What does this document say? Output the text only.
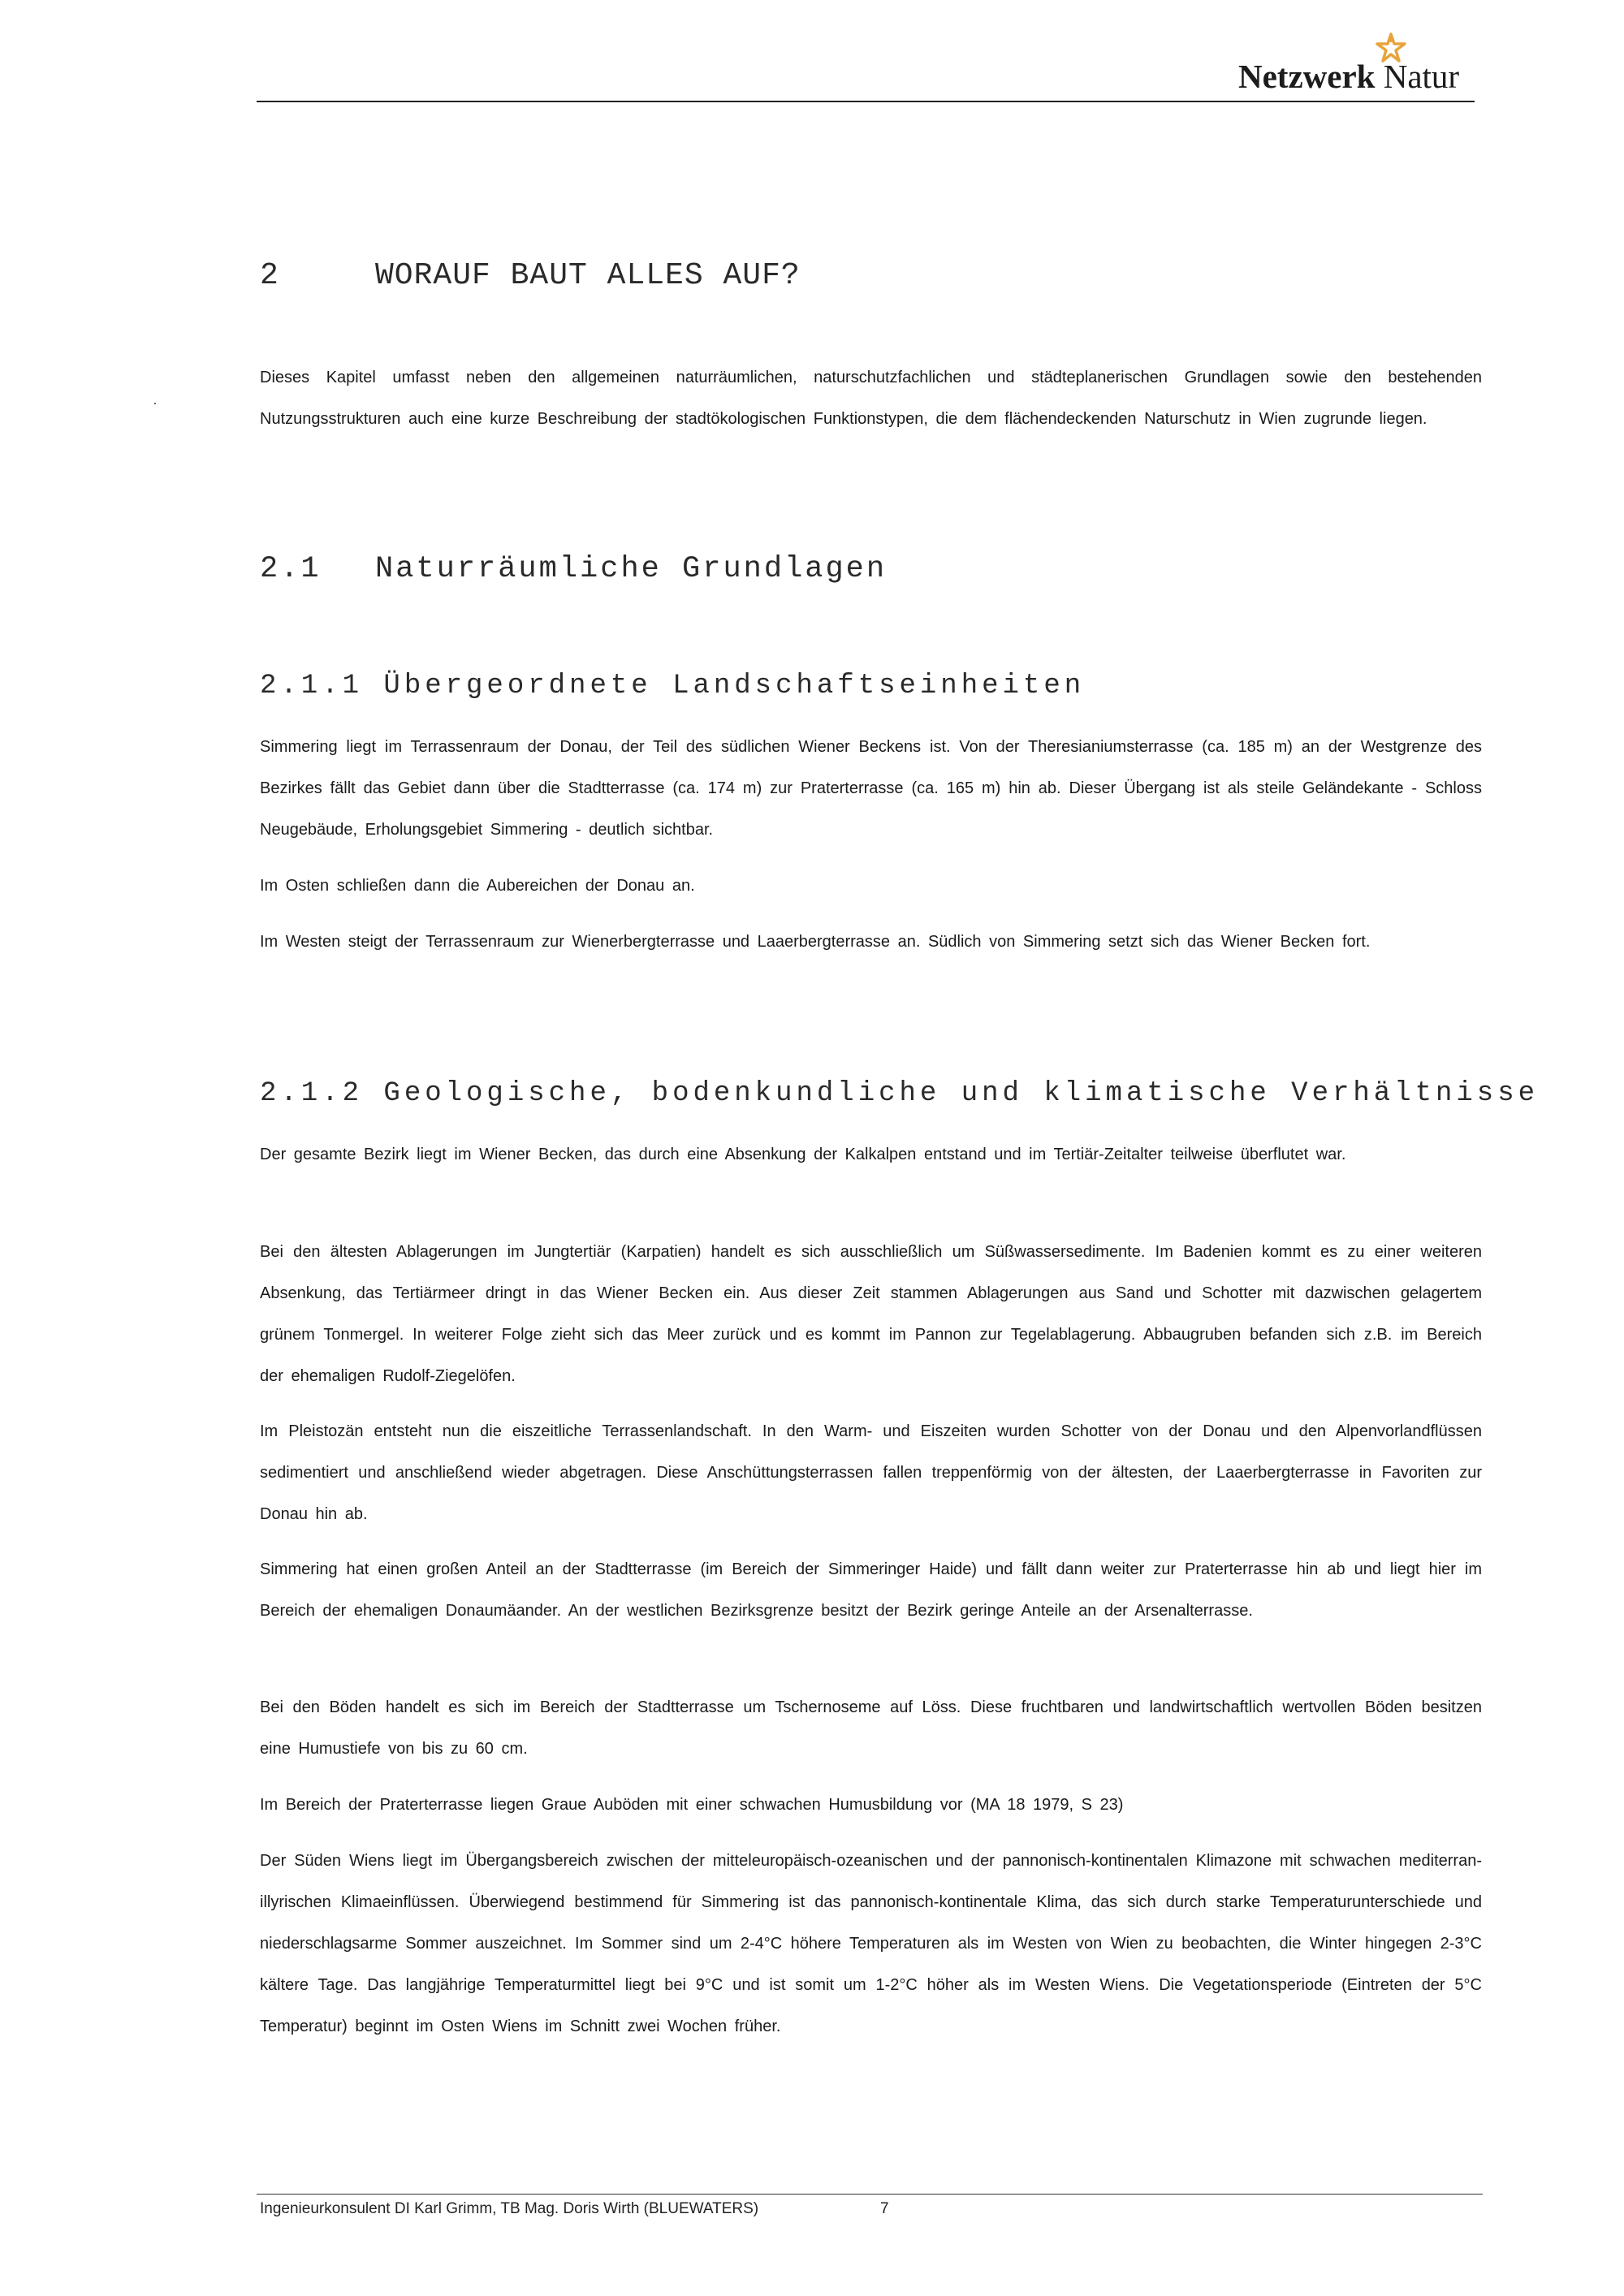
Netzwerk Natur
2	WORAUF BAUT ALLES AUF?

Dieses Kapitel umfasst neben den allgemeinen naturräumlichen, naturschutzfachlichen und städteplanerischen Grundlagen sowie den bestehenden Nutzungsstrukturen auch eine kurze Beschreibung der stadtökologischen Funktionstypen, die dem flächendeckenden Naturschutz in Wien zugrunde liegen.

2.1 Naturräumliche Grundlagen
2.1.1 Übergeordnete Landschaftseinheiten

Simmering liegt im Terrassenraum der Donau, der Teil des südlichen Wiener Beckens ist. Von der Theresianiumsterrasse (ca. 185 m) an der Westgrenze des Bezirkes fällt das Gebiet dann über die Stadtterrasse (ca. 174 m) zur Praterterrasse (ca. 165 m) hin ab. Dieser Übergang ist als steile Geländekante - Schloss Neugebäude, Erholungsgebiet Simmering - deutlich sichtbar.

Im Osten schließen dann die Aubereichen der Donau an.

Im Westen steigt der Terrassenraum zur Wienerbergterrasse und Laaerbergterrasse an. Südlich von Simmering setzt sich das Wiener Becken fort.

2.1.2 Geologische, bodenkundliche und klimatische Verhältnisse

Der gesamte Bezirk liegt im Wiener Becken, das durch eine Absenkung der Kalkalpen entstand und im Tertiär-Zeitalter teilweise überflutet war.

Bei den ältesten Ablagerungen im Jungtertiär (Karpatien) handelt es sich ausschließlich um Süßwassersedimente. Im Badenien kommt es zu einer weiteren Absenkung, das Tertiärmeer dringt in das Wiener Becken ein. Aus dieser Zeit stammen Ablagerungen aus Sand und Schotter mit dazwischen gelagertem grünem Tonmergel. In weiterer Folge zieht sich das Meer zurück und es kommt im Pannon zur Tegelablagerung. Abbaugruben befanden sich z.B. im Bereich der ehemaligen Rudolf-Ziegelöfen.

Im Pleistozän entsteht nun die eiszeitliche Terrassenlandschaft. In den Warm- und Eiszeiten wurden Schotter von der Donau und den Alpenvorlandflüssen sedimentiert und anschließend wieder abgetragen. Diese Anschüttungsterrassen fallen treppenförmig von der ältesten, der Laaerbergterrasse in Favoriten zur Donau hin ab.

Simmering hat einen großen Anteil an der Stadtterrasse (im Bereich der Simmeringer Haide) und fällt dann weiter zur Praterterrasse hin ab und liegt hier im Bereich der ehemaligen Donaumäander. An der westlichen Bezirksgrenze besitzt der Bezirk geringe Anteile an der Arsenalterrasse.

Bei den Böden handelt es sich im Bereich der Stadtterrasse um Tschernoseme auf Löss. Diese fruchtbaren und landwirtschaftlich wertvollen Böden besitzen eine Humustiefe von bis zu 60 cm.

Im Bereich der Praterterrasse liegen Graue Auböden mit einer schwachen Humusbildung vor (MA 18 1979, S 23)

Der Süden Wiens liegt im Übergangsbereich zwischen der mitteleuropäisch-ozeanischen und der pannonisch-kontinentalen Klimazone mit schwachen mediterran-illyrischen Klimaeinflüssen. Überwiegend bestimmend für Simmering ist das pannonisch-kontinentale Klima, das sich durch starke Temperaturunterschiede und niederschlagsarme Sommer auszeichnet. Im Sommer sind um 2-4°C höhere Temperaturen als im Westen von Wien zu beobachten, die Winter hingegen 2-3°C kältere Tage. Das langjährige Temperaturmittel liegt bei 9°C und ist somit um 1-2°C höher als im Westen Wiens. Die Vegetationsperiode (Eintreten der 5°C Temperatur) beginnt im Osten Wiens im Schnitt zwei Wochen früher.

Ingenieurkonsulent DI Karl Grimm, TB Mag. Doris Wirth (BLUEWATERS)	7
